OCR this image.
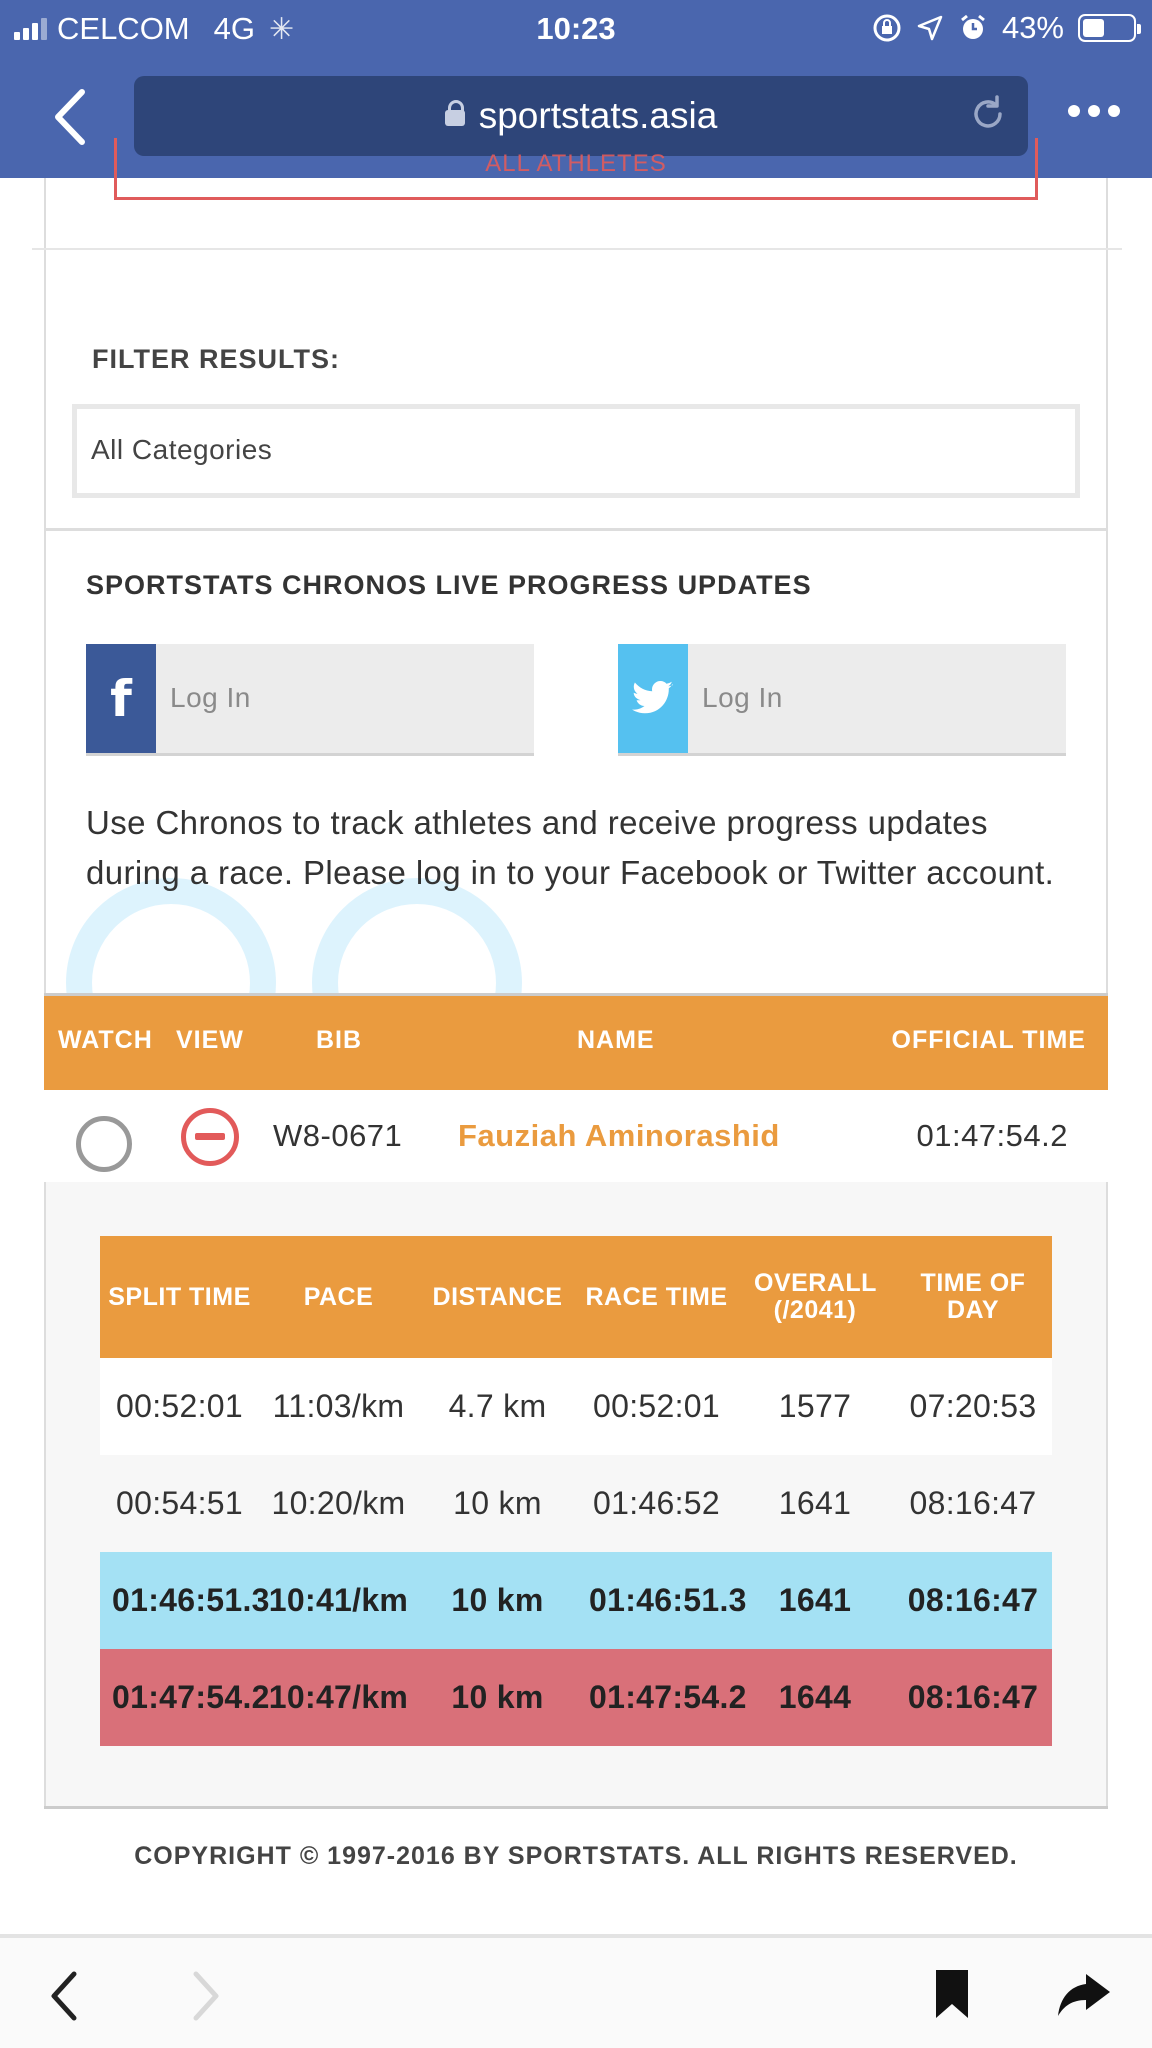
CELCOM 4G ✳	10:23	43%
sportstats.asia
ALL ATHLETES
FILTER RESULTS:
All Categories
SPORTSTATS CHRONOS LIVE PROGRESS UPDATES
f Log In	Log In
Use Chronos to track athletes and receive progress updates during a race. Please log in to your Facebook or Twitter account.
WATCH VIEW	BIB	NAME	OFFICIAL TIME
W8-0671 Fauziah Aminorashid	01:47:54.2
SPLIT TIME	PACE	DISTANCE	RACE TIME	OVERALL (/2041)	TIME OF DAY
00:52:01	11:03/km	4.7 km	00:52:01	1577	07:20:53
00:54:51	10:20/km	10 km	01:46:52	1641	08:16:47
01:46:51.3	10:41/km	10 km	01:46:51.3	1641	08:16:47
01:47:54.2	10:47/km	10 km	01:47:54.2	1644	08:16:47
COPYRIGHT © 1997-2016 BY SPORTSTATS. ALL RIGHTS RESERVED.
